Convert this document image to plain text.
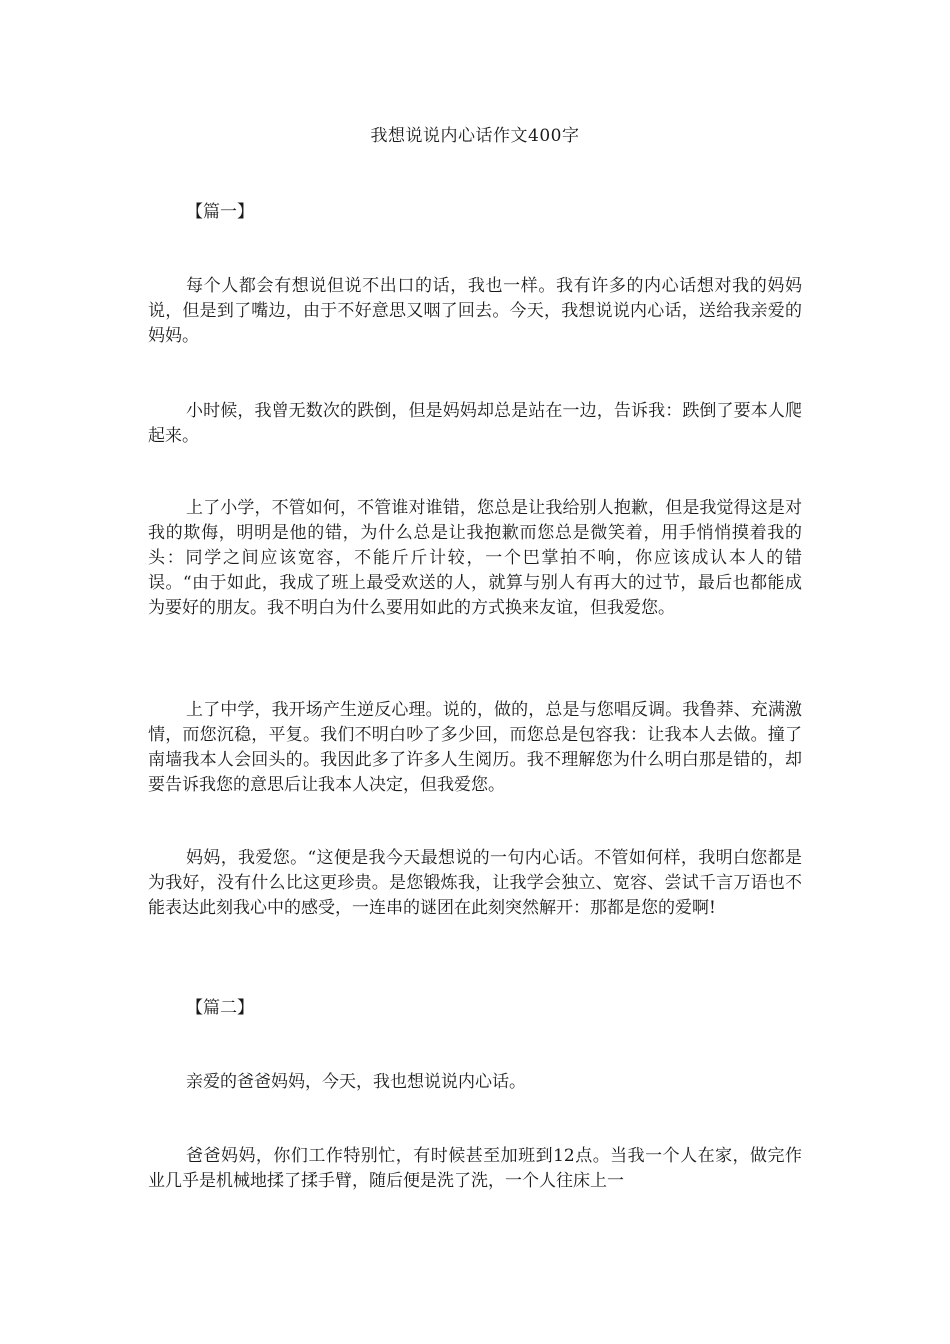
我想说说内心话作文400字
【篇一】

每个人都会有想说但说不出口的话，我也一样。我有许多的内心话想对我的妈妈说，但是到了嘴边，由于不好意思又咽了回去。今天，我想说说内心话，送给我亲爱的妈妈。

小时候，我曾无数次的跌倒，但是妈妈却总是站在一边，告诉我：跌倒了要本人爬起来。

上了小学，不管如何，不管谁对谁错，您总是让我给别人抱歉，但是我觉得这是对我的欺侮，明明是他的错，为什么总是让我抱歉而您总是微笑着，用手悄悄摸着我的头：同学之间应该宽容，不能斤斤计较，一个巴掌拍不响，你应该成认本人的错误。“由于如此，我成了班上最受欢送的人，就算与别人有再大的过节，最后也都能成为要好的朋友。我不明白为什么要用如此的方式换来友谊，但我爱您。

上了中学，我开场产生逆反心理。说的，做的，总是与您唱反调。我鲁莽、充满激情，而您沉稳，平复。我们不明白吵了多少回，而您总是包容我：让我本人去做。撞了南墙我本人会回头的。我因此多了许多人生阅历。我不理解您为什么明白那是错的，却要告诉我您的意思后让我本人决定，但我爱您。

妈妈，我爱您。“这便是我今天最想说的一句内心话。不管如何样，我明白您都是为我好，没有什么比这更珍贵。是您锻炼我，让我学会独立、宽容、尝试千言万语也不能表达此刻我心中的感受，一连串的谜团在此刻突然解开：那都是您的爱啊!

【篇二】

亲爱的爸爸妈妈，今天，我也想说说内心话。

爸爸妈妈，你们工作特别忙，有时候甚至加班到12点。当我一个人在家，做完作业几乎是机械地揉了揉手臂，随后便是洗了洗，一个人往床上一
